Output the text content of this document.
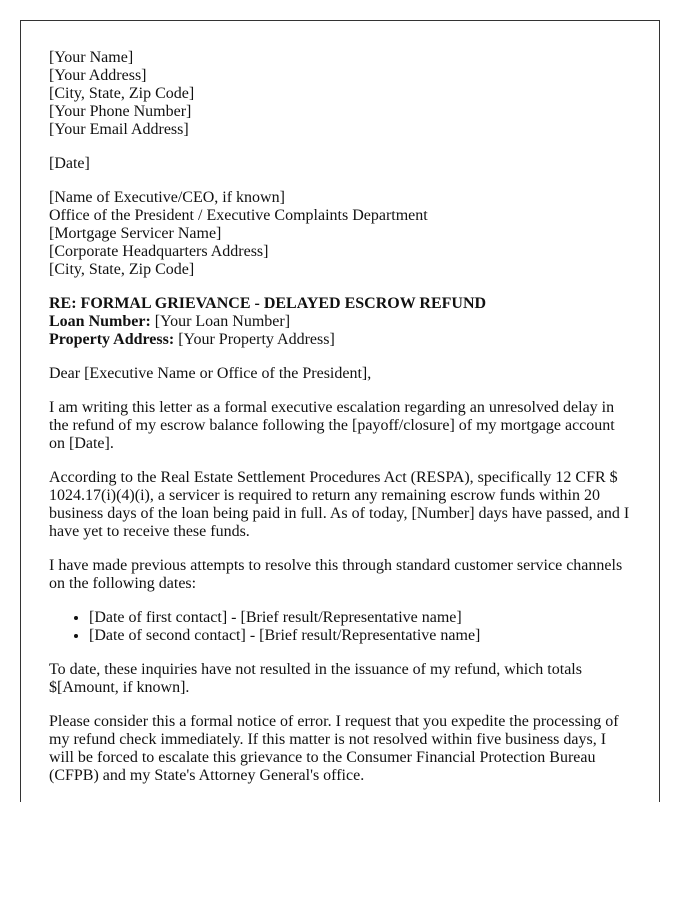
[Your Name]
[Your Address]
[City, State, Zip Code]
[Your Phone Number]
[Your Email Address]
[Date]
[Name of Executive/CEO, if known]
Office of the President / Executive Complaints Department
[Mortgage Servicer Name]
[Corporate Headquarters Address]
[City, State, Zip Code]
RE: FORMAL GRIEVANCE - DELAYED ESCROW REFUND
Loan Number: [Your Loan Number]
Property Address: [Your Property Address]

Dear [Executive Name or Office of the President],

I am writing this letter as a formal executive escalation regarding an unresolved delay in the refund of my escrow balance following the [payoff/closure] of my mortgage account on [Date].

According to the Real Estate Settlement Procedures Act (RESPA), specifically 12 CFR $ 1024.17(i)(4)(i), a servicer is required to return any remaining escrow funds within 20 business days of the loan being paid in full. As of today, [Number] days have passed, and I have yet to receive these funds.

I have made previous attempts to resolve this through standard customer service channels on the following dates:

• [Date of first contact] - [Brief result/Representative name]
• [Date of second contact] - [Brief result/Representative name]

To date, these inquiries have not resulted in the issuance of my refund, which totals $[Amount, if known].

Please consider this a formal notice of error. I request that you expedite the processing of my refund check immediately. If this matter is not resolved within five business days, I will be forced to escalate this grievance to the Consumer Financial Protection Bureau (CFPB) and my State's Attorney General's office.
